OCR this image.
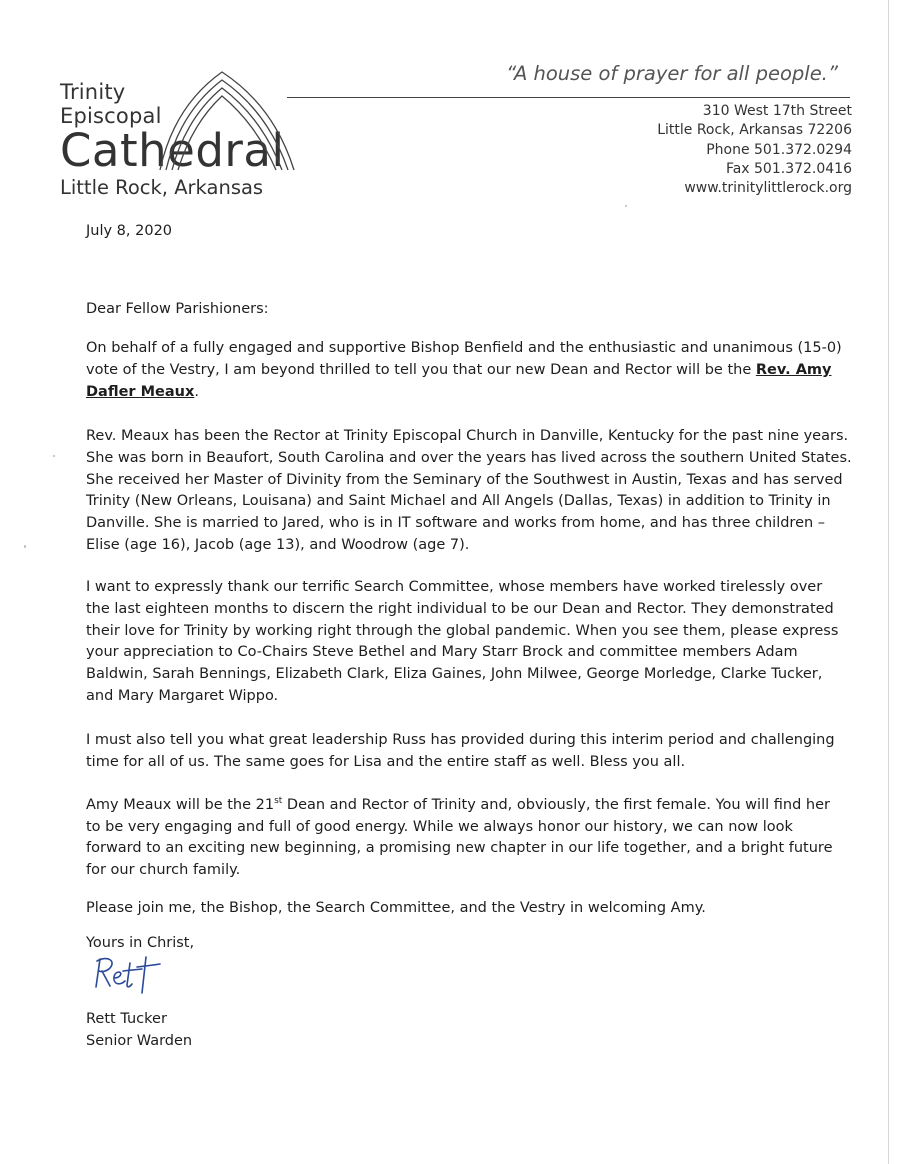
Trinity
Episcopal
Cathedral
Little Rock, Arkansas
“A house of prayer for all people.”
310 West 17th Street
Little Rock, Arkansas 72206
Phone 501.372.0294
Fax 501.372.0416
www.trinitylittlerock.org
July 8, 2020
Dear Fellow Parishioners:
On behalf of a fully engaged and supportive Bishop Benfield and the enthusiastic and unanimous (15-0)
vote of the Vestry, I am beyond thrilled to tell you that our new Dean and Rector will be the Rev. Amy
Dafler Meaux.
Rev. Meaux has been the Rector at Trinity Episcopal Church in Danville, Kentucky for the past nine years.
She was born in Beaufort, South Carolina and over the years has lived across the southern United States.
She received her Master of Divinity from the Seminary of the Southwest in Austin, Texas and has served
Trinity (New Orleans, Louisana) and Saint Michael and All Angels (Dallas, Texas) in addition to Trinity in
Danville. She is married to Jared, who is in IT software and works from home, and has three children –
Elise (age 16), Jacob (age 13), and Woodrow (age 7).
I want to expressly thank our terrific Search Committee, whose members have worked tirelessly over
the last eighteen months to discern the right individual to be our Dean and Rector. They demonstrated
their love for Trinity by working right through the global pandemic. When you see them, please express
your appreciation to Co-Chairs Steve Bethel and Mary Starr Brock and committee members Adam
Baldwin, Sarah Bennings, Elizabeth Clark, Eliza Gaines, John Milwee, George Morledge, Clarke Tucker,
and Mary Margaret Wippo.
I must also tell you what great leadership Russ has provided during this interim period and challenging
time for all of us. The same goes for Lisa and the entire staff as well. Bless you all.
Amy Meaux will be the 21st Dean and Rector of Trinity and, obviously, the first female. You will find her
to be very engaging and full of good energy. While we always honor our history, we can now look
forward to an exciting new beginning, a promising new chapter in our life together, and a bright future
for our church family.
Please join me, the Bishop, the Search Committee, and the Vestry in welcoming Amy.
Yours in Christ,
Rett Tucker
Senior Warden
